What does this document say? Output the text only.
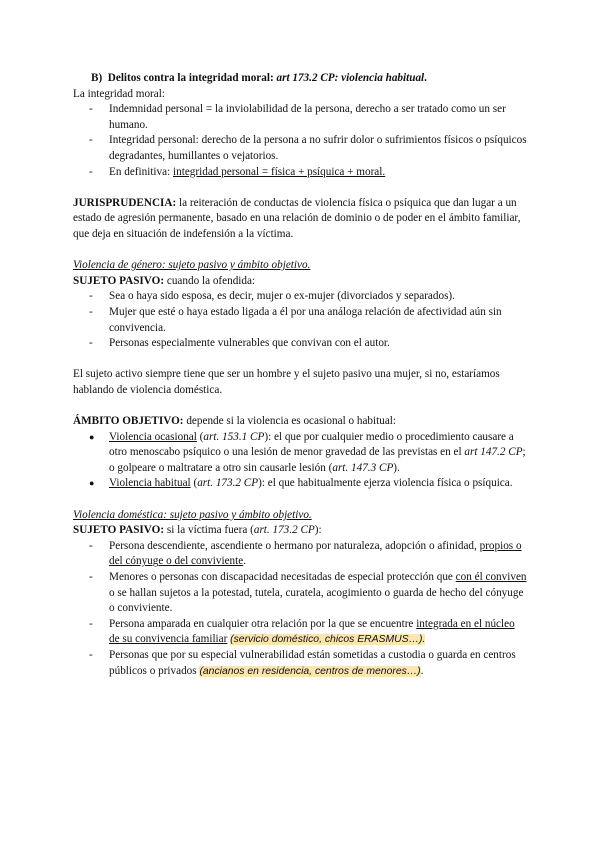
B) Delitos contra la integridad moral: art 173.2 CP: violencia habitual.

La integridad moral:

- Indemnidad personal = la inviolabilidad de la persona, derecho a ser tratado como un ser humano.
- Integridad personal: derecho de la persona a no sufrir dolor o sufrimientos físicos o psíquicos degradantes, humillantes o vejatorios.
- En definitiva: integridad personal = física + psíquica + moral.

JURISPRUDENCIA: la reiteración de conductas de violencia física o psíquica que dan lugar a un estado de agresión permanente, basado en una relación de dominio o de poder en el ámbito familiar, que deja en situación de indefensión a la víctima.

Violencia de género: sujeto pasivo y ámbito objetivo.

SUJETO PASIVO: cuando la ofendida:

- Sea o haya sido esposa, es decir, mujer o ex-mujer (divorciados y separados).
- Mujer que esté o haya estado ligada a él por una análoga relación de afectividad aún sin convivencia.
- Personas especialmente vulnerables que convivan con el autor.

El sujeto activo siempre tiene que ser un hombre y el sujeto pasivo una mujer, si no, estaríamos hablando de violencia doméstica.

ÁMBITO OBJETIVO: depende si la violencia es ocasional o habitual:

● Violencia ocasional (art. 153.1 CP): el que por cualquier medio o procedimiento causare a otro menoscabo psíquico o una lesión de menor gravedad de las previstas en el art 147.2 CP; o golpeare o maltratare a otro sin causarle lesión (art. 147.3 CP).
● Violencia habitual (art. 173.2 CP): el que habitualmente ejerza violencia física o psíquica.

Violencia doméstica: sujeto pasivo y ámbito objetivo.

SUJETO PASIVO: si la víctima fuera (art. 173.2 CP):

- Persona descendiente, ascendiente o hermano por naturaleza, adopción o afinidad, propios o del cónyuge o del conviviente.
- Menores o personas con discapacidad necesitadas de especial protección que con él conviven o se hallan sujetos a la potestad, tutela, curatela, acogimiento o guarda de hecho del cónyuge o conviviente.
- Persona amparada en cualquier otra relación por la que se encuentre integrada en el núcleo de su convivencia familiar (servicio doméstico, chicos ERASMUS…).
- Personas que por su especial vulnerabilidad están sometidas a custodia o guarda en centros públicos o privados (ancianos en residencia, centros de menores…).
